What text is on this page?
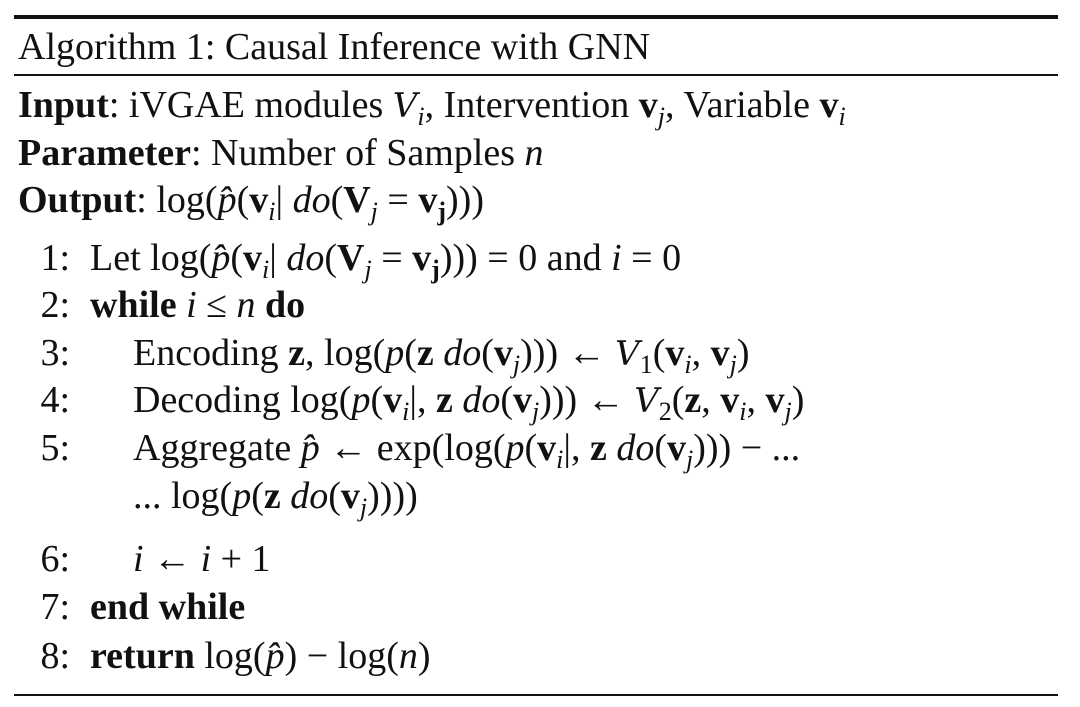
Algorithm 1: Causal Inference with GNN
Input: iVGAE modules $V_i$, Intervention $v_j$, Variable $v_i$
Parameter: Number of Samples n
Output: $\log(p̂(v_i|$ $do(V_j = v_j)$))
1: Let $\log(p̂(v_i|$ $do(V_j = v_j))) = 0$ and i = 0
2: while i ≤ n do
3: Encoding z, log(p(z $do(v_j)$)) ← $V_1(v_i$, $v_j$)
4: Decoding $\log(p(v_i|$, z $do(v_j)$)) ← $V_2(z$, $v_i$, $v_j$)
5: Aggregate p̂ ← $\exp(\log(p(v_i|$, z $do(v_j)$)) − ...
... log(p(z $do(v_j)$)))
6: i ← i + 1
7: end while
8: return log(p̂) − log(n)
